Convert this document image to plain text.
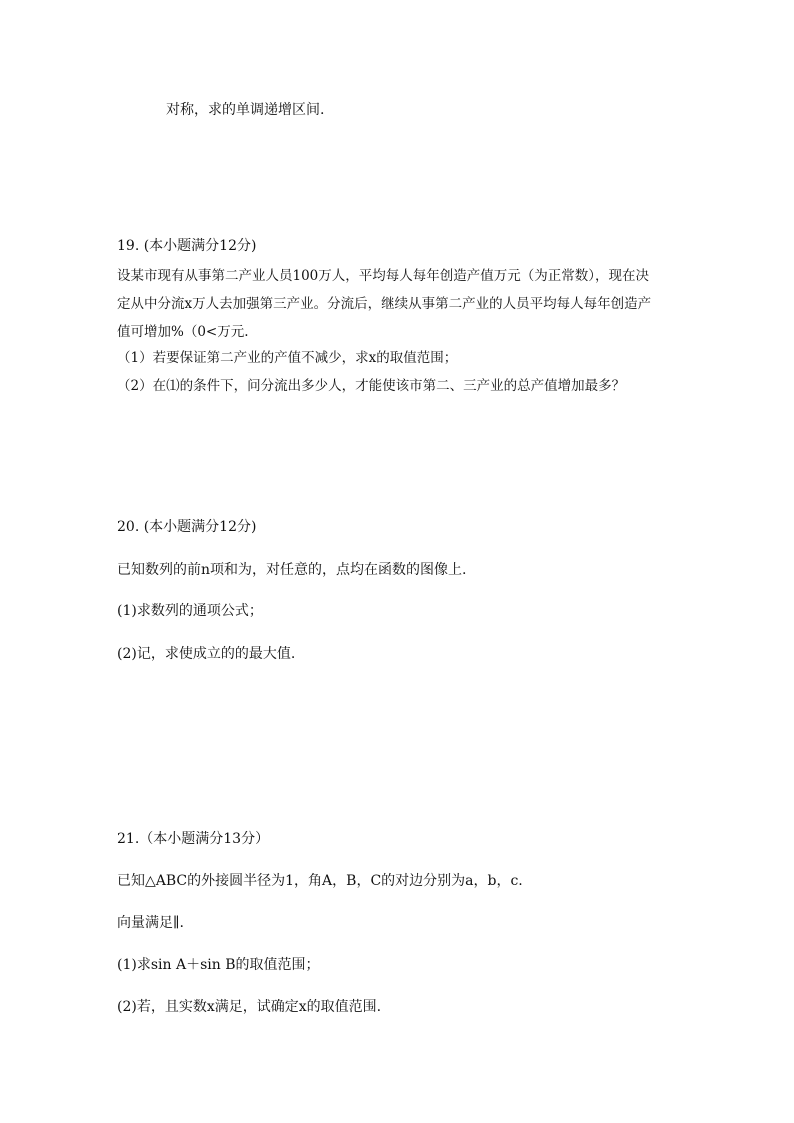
对称，求的单调递增区间.
19. (本小题满分12分)
设某市现有从事第二产业人员100万人，平均每人每年创造产值万元（为正常数），现在决
定从中分流x万人去加强第三产业。分流后，继续从事第二产业的人员平均每人每年创造产
值可增加%（0<万元.
（1）若要保证第二产业的产值不减少，求x的取值范围；
（2）在⑴的条件下，问分流出多少人，才能使该市第二、三产业的总产值增加最多？
20. (本小题满分12分)
已知数列的前n项和为，对任意的，点均在函数的图像上.
(1)求数列的通项公式；
(2)记，求使成立的的最大值.
21.（本小题满分13分）
已知△ABC的外接圆半径为1，角A，B，C的对边分别为a，b，c.
向量满足∥.
(1)求sin A＋sin B的取值范围；
(2)若，且实数x满足，试确定x的取值范围.
